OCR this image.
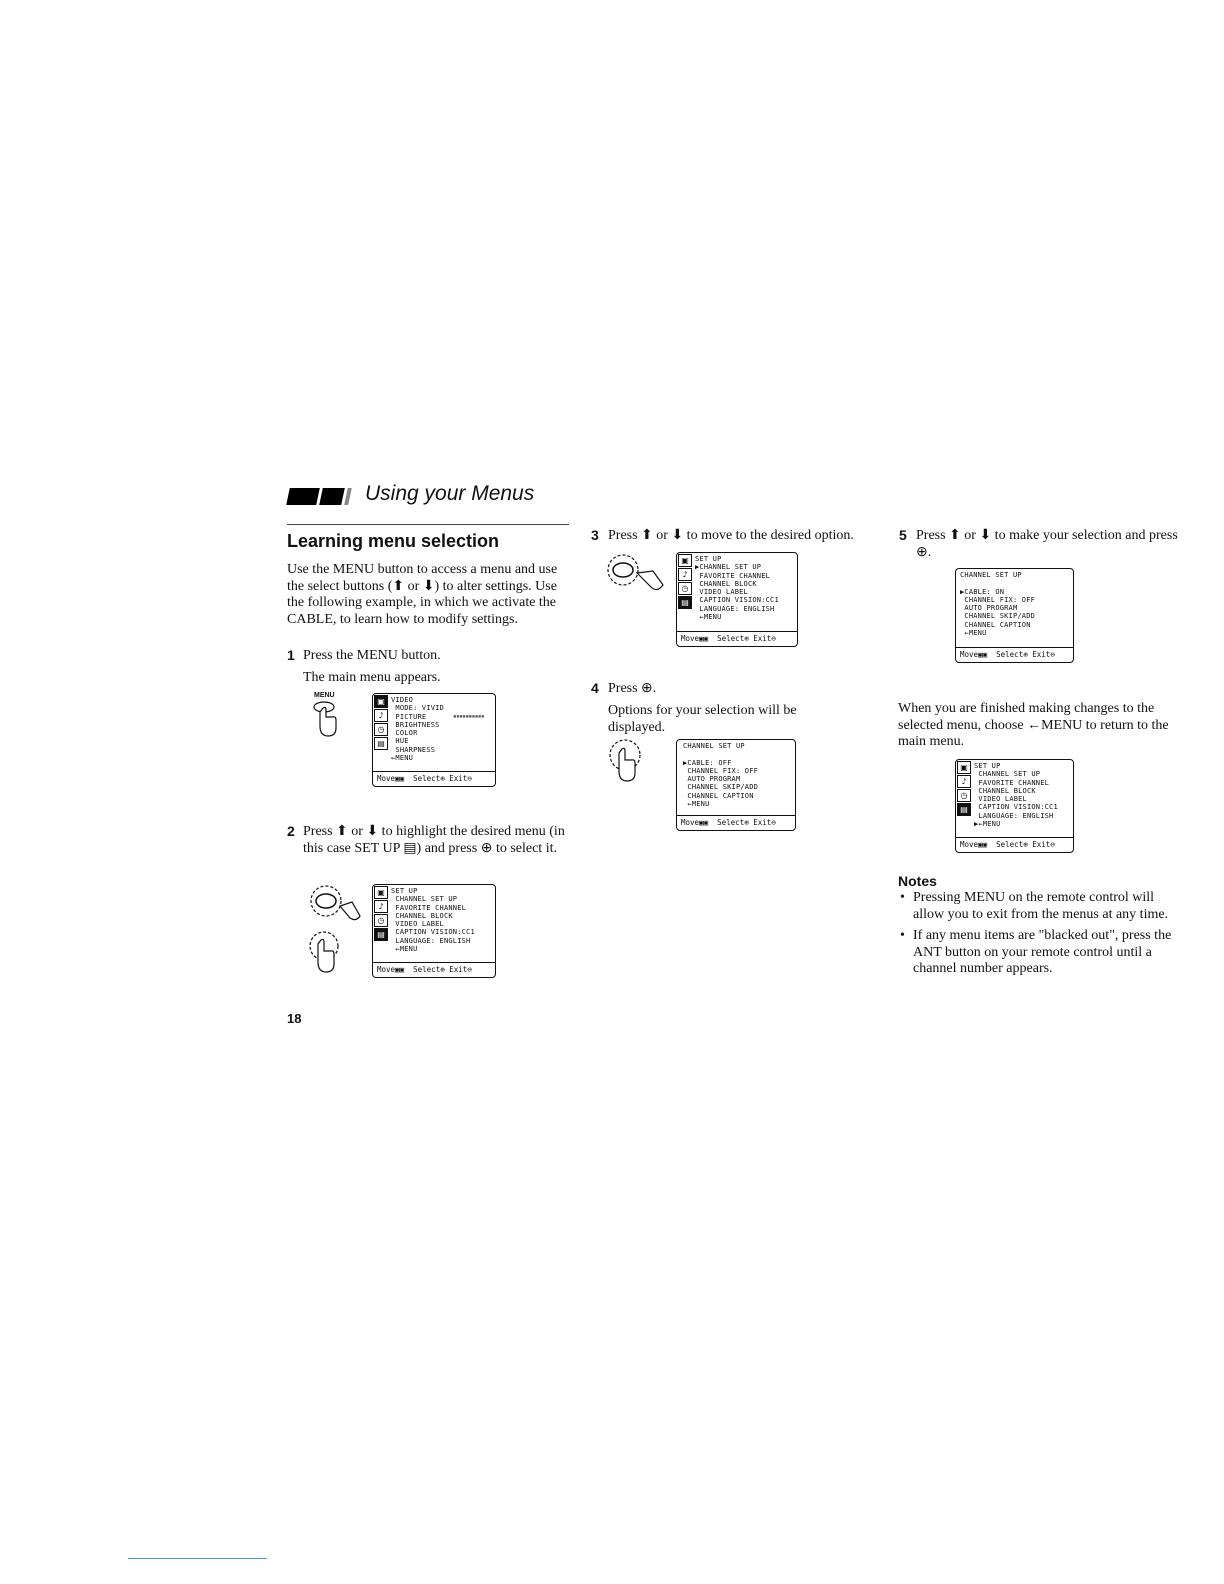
Using your Menus
Learning menu selection
Use the MENU button to access a menu and use the select buttons (⬆ or ⬇) to alter settings. Use the following example, in which we activate the CABLE, to learn how to modify settings.
1 Press the MENU button.
The main menu appears.
MENU
▣
♪
◷
▤
VIDEO
MODE: VIVID
PICTURE
BRIGHTNESS
COLOR
HUE
SHARPNESS
←MENU
▪▪▪▪▪▪▪▪▪▪
Move▣▣  Select⊕ Exit⊖
2 Press ⬆ or ⬇ to highlight the desired menu (in this case SET UP ▤) and press ⊕ to select it.
▣
♪
◷
▤
SET UP
CHANNEL SET UP
FAVORITE CHANNEL
CHANNEL BLOCK
VIDEO LABEL
CAPTION VISION:CC1
LANGUAGE: ENGLISH
←MENU
Move▣▣  Select⊕ Exit⊖
18
3 Press ⬆ or ⬇ to move to the desired option.
▣
♪
◷
▤
SET UP
▶CHANNEL SET UP
FAVORITE CHANNEL
CHANNEL BLOCK
VIDEO LABEL
CAPTION VISION:CC1
LANGUAGE: ENGLISH
←MENU
Move▣▣  Select⊕ Exit⊖
4 Press ⊕.
Options for your selection will be displayed.
CHANNEL SET UP

▶CABLE: OFF
CHANNEL FIX: OFF
AUTO PROGRAM
CHANNEL SKIP/ADD
CHANNEL CAPTION
←MENU
Move▣▣  Select⊕ Exit⊖
5 Press ⬆ or ⬇ to make your selection and press ⊕.
CHANNEL SET UP

▶CABLE: ON
CHANNEL FIX: OFF
AUTO PROGRAM
CHANNEL SKIP/ADD
CHANNEL CAPTION
←MENU
Move▣▣  Select⊕ Exit⊖
When you are finished making changes to the selected menu, choose ←MENU to return to the main menu.
▣
♪
◷
▤
SET UP
CHANNEL SET UP
FAVORITE CHANNEL
CHANNEL BLOCK
VIDEO LABEL
CAPTION VISION:CC1
LANGUAGE: ENGLISH
▶←MENU
Move▣▣  Select⊕ Exit⊖
Notes
• Pressing MENU on the remote control will allow you to exit from the menus at any time.
• If any menu items are "blacked out", press the ANT button on your remote control until a channel number appears.
